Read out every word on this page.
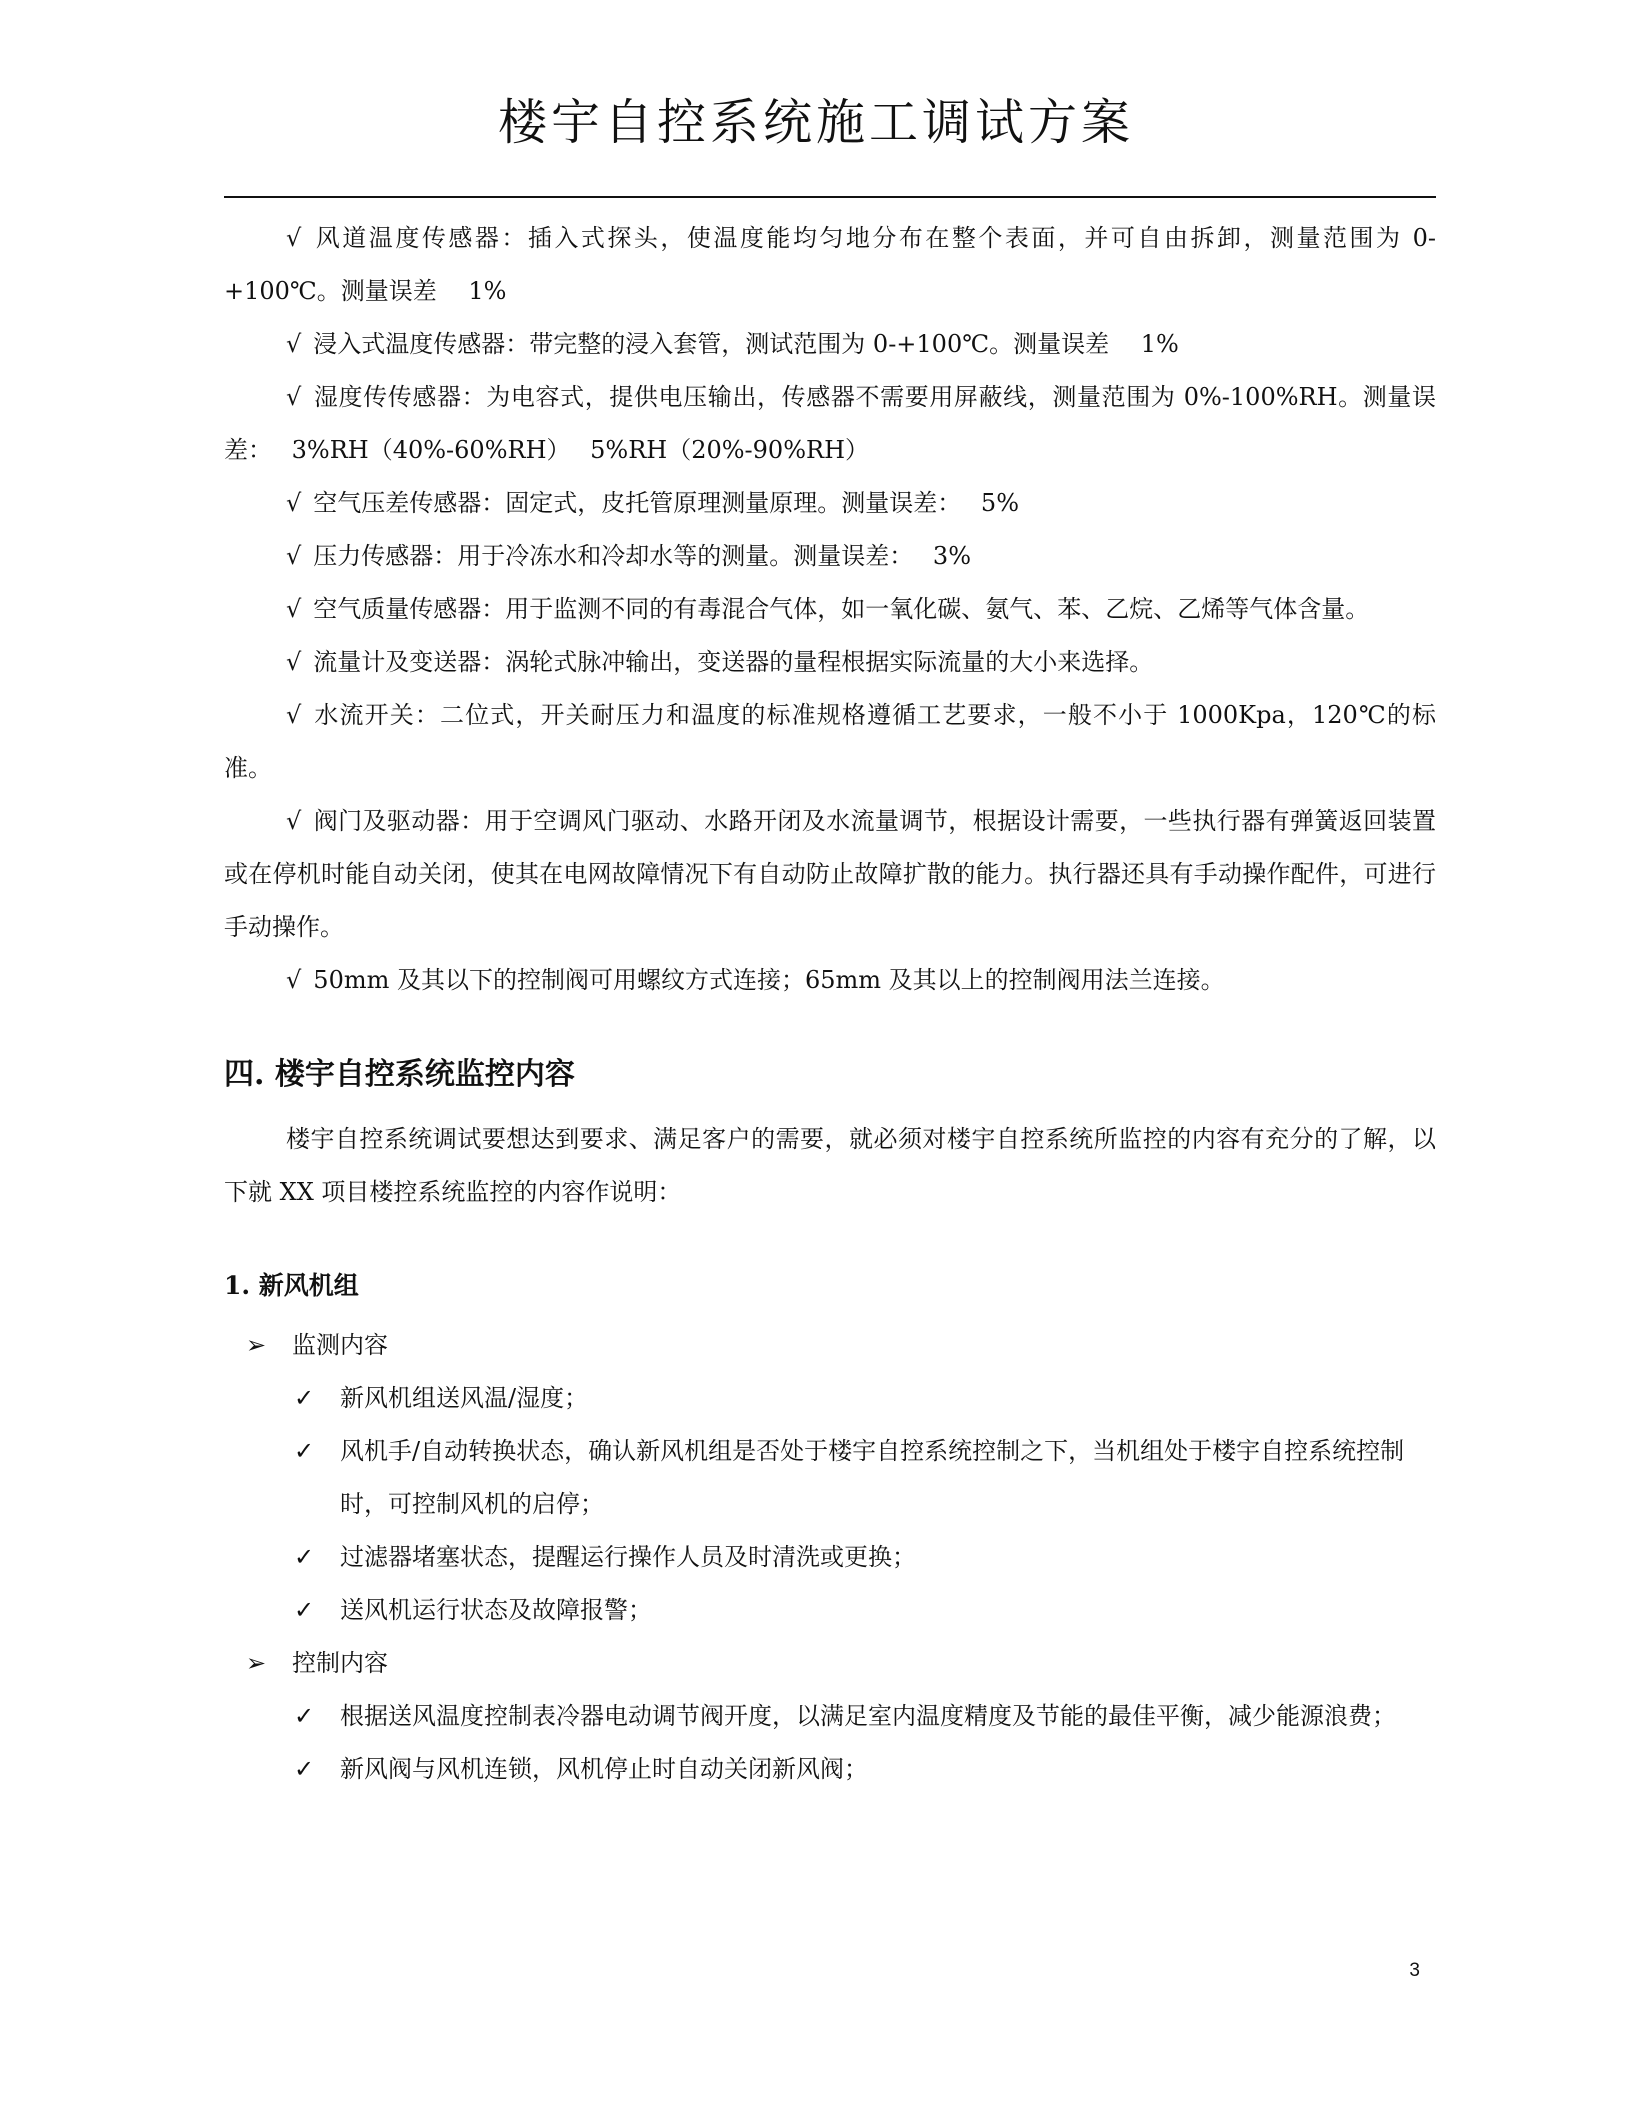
楼宇自控系统施工调试方案

√ 风道温度传感器：插入式探头，使温度能均匀地分布在整个表面，并可自由拆卸，测量范围为 0-+100℃。测量误差　 1%

√ 浸入式温度传感器：带完整的浸入套管，测试范围为 0-+100℃。测量误差　 1%

√ 湿度传传感器：为电容式，提供电压输出，传感器不需要用屏蔽线，测量范围为 0%-100%RH。测量误差：　 3%RH（40%-60%RH）　 5%RH（20%-90%RH）

√ 空气压差传感器：固定式，皮托管原理测量原理。测量误差：　 5%

√ 压力传感器：用于冷冻水和冷却水等的测量。测量误差：　 3%

√ 空气质量传感器：用于监测不同的有毒混合气体，如一氧化碳、氨气、苯、乙烷、乙烯等气体含量。

√ 流量计及变送器：涡轮式脉冲输出，变送器的量程根据实际流量的大小来选择。

√ 水流开关：二位式，开关耐压力和温度的标准规格遵循工艺要求，一般不小于 1000Kpa，120℃的标准。

√ 阀门及驱动器：用于空调风门驱动、水路开闭及水流量调节，根据设计需要，一些执行器有弹簧返回装置或在停机时能自动关闭，使其在电网故障情况下有自动防止故障扩散的能力。执行器还具有手动操作配件，可进行手动操作。

√ 50mm 及其以下的控制阀可用螺纹方式连接；65mm 及其以上的控制阀用法兰连接。

四. 楼宇自控系统监控内容

楼宇自控系统调试要想达到要求、满足客户的需要，就必须对楼宇自控系统所监控的内容有充分的了解，以下就 XX 项目楼控系统监控的内容作说明：

1. 新风机组
➢ 监测内容
✓ 新风机组送风温/湿度；
✓ 风机手/自动转换状态，确认新风机组是否处于楼宇自控系统控制之下，当机组处于楼宇自控系统控制时，可控制风机的启停；
✓ 过滤器堵塞状态，提醒运行操作人员及时清洗或更换；
✓ 送风机运行状态及故障报警；
➢ 控制内容
✓ 根据送风温度控制表冷器电动调节阀开度，以满足室内温度精度及节能的最佳平衡，减少能源浪费；
✓ 新风阀与风机连锁，风机停止时自动关闭新风阀；
3
